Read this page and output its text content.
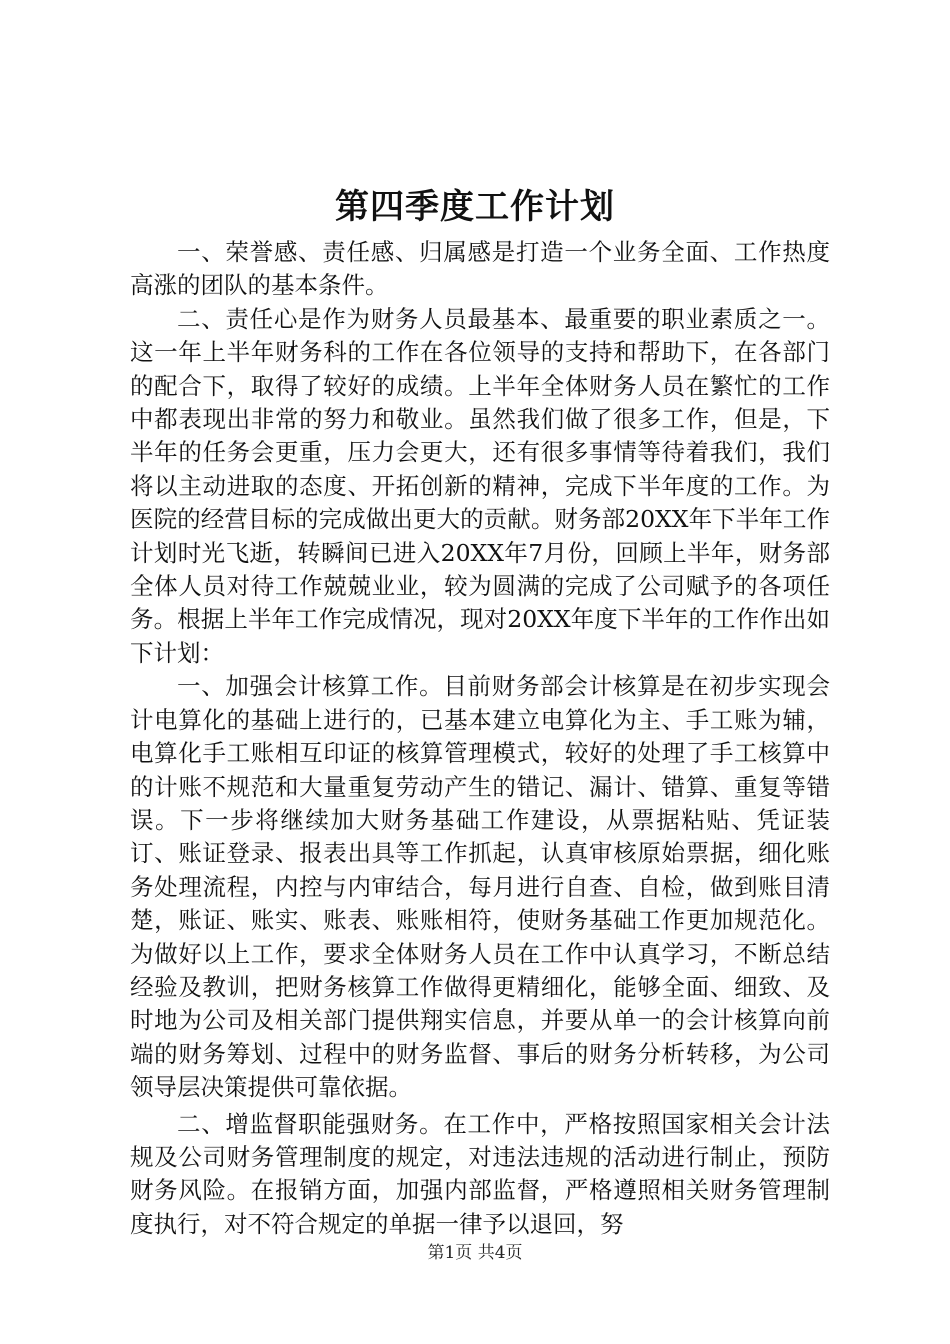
第四季度工作计划

一、荣誉感、责任感、归属感是打造一个业务全面、工作热度高涨的团队的基本条件。

二、责任心是作为财务人员最基本、最重要的职业素质之一。这一年上半年财务科的工作在各位领导的支持和帮助下，在各部门的配合下，取得了较好的成绩。上半年全体财务人员在繁忙的工作中都表现出非常的努力和敬业。虽然我们做了很多工作，但是，下半年的任务会更重，压力会更大，还有很多事情等待着我们，我们将以主动进取的态度、开拓创新的精神，完成下半年度的工作。为医院的经营目标的完成做出更大的贡献。财务部20XX年下半年工作计划时光飞逝，转瞬间已进入20XX年7月份，回顾上半年，财务部全体人员对待工作兢兢业业，较为圆满的完成了公司赋予的各项任务。根据上半年工作完成情况，现对20XX年度下半年的工作作出如下计划：

一、加强会计核算工作。目前财务部会计核算是在初步实现会计电算化的基础上进行的，已基本建立电算化为主、手工账为辅，电算化手工账相互印证的核算管理模式，较好的处理了手工核算中的计账不规范和大量重复劳动产生的错记、漏计、错算、重复等错误。下一步将继续加大财务基础工作建设，从票据粘贴、凭证装订、账证登录、报表出具等工作抓起，认真审核原始票据，细化账务处理流程，内控与内审结合，每月进行自查、自检，做到账目清楚，账证、账实、账表、账账相符，使财务基础工作更加规范化。为做好以上工作，要求全体财务人员在工作中认真学习，不断总结经验及教训，把财务核算工作做得更精细化，能够全面、细致、及时地为公司及相关部门提供翔实信息，并要从单一的会计核算向前端的财务筹划、过程中的财务监督、事后的财务分析转移，为公司领导层决策提供可靠依据。

二、增监督职能强财务。在工作中，严格按照国家相关会计法规及公司财务管理制度的规定，对违法违规的活动进行制止，预防财务风险。在报销方面，加强内部监督，严格遵照相关财务管理制度执行，对不符合规定的单据一律予以退回，努

第1页 共4页
